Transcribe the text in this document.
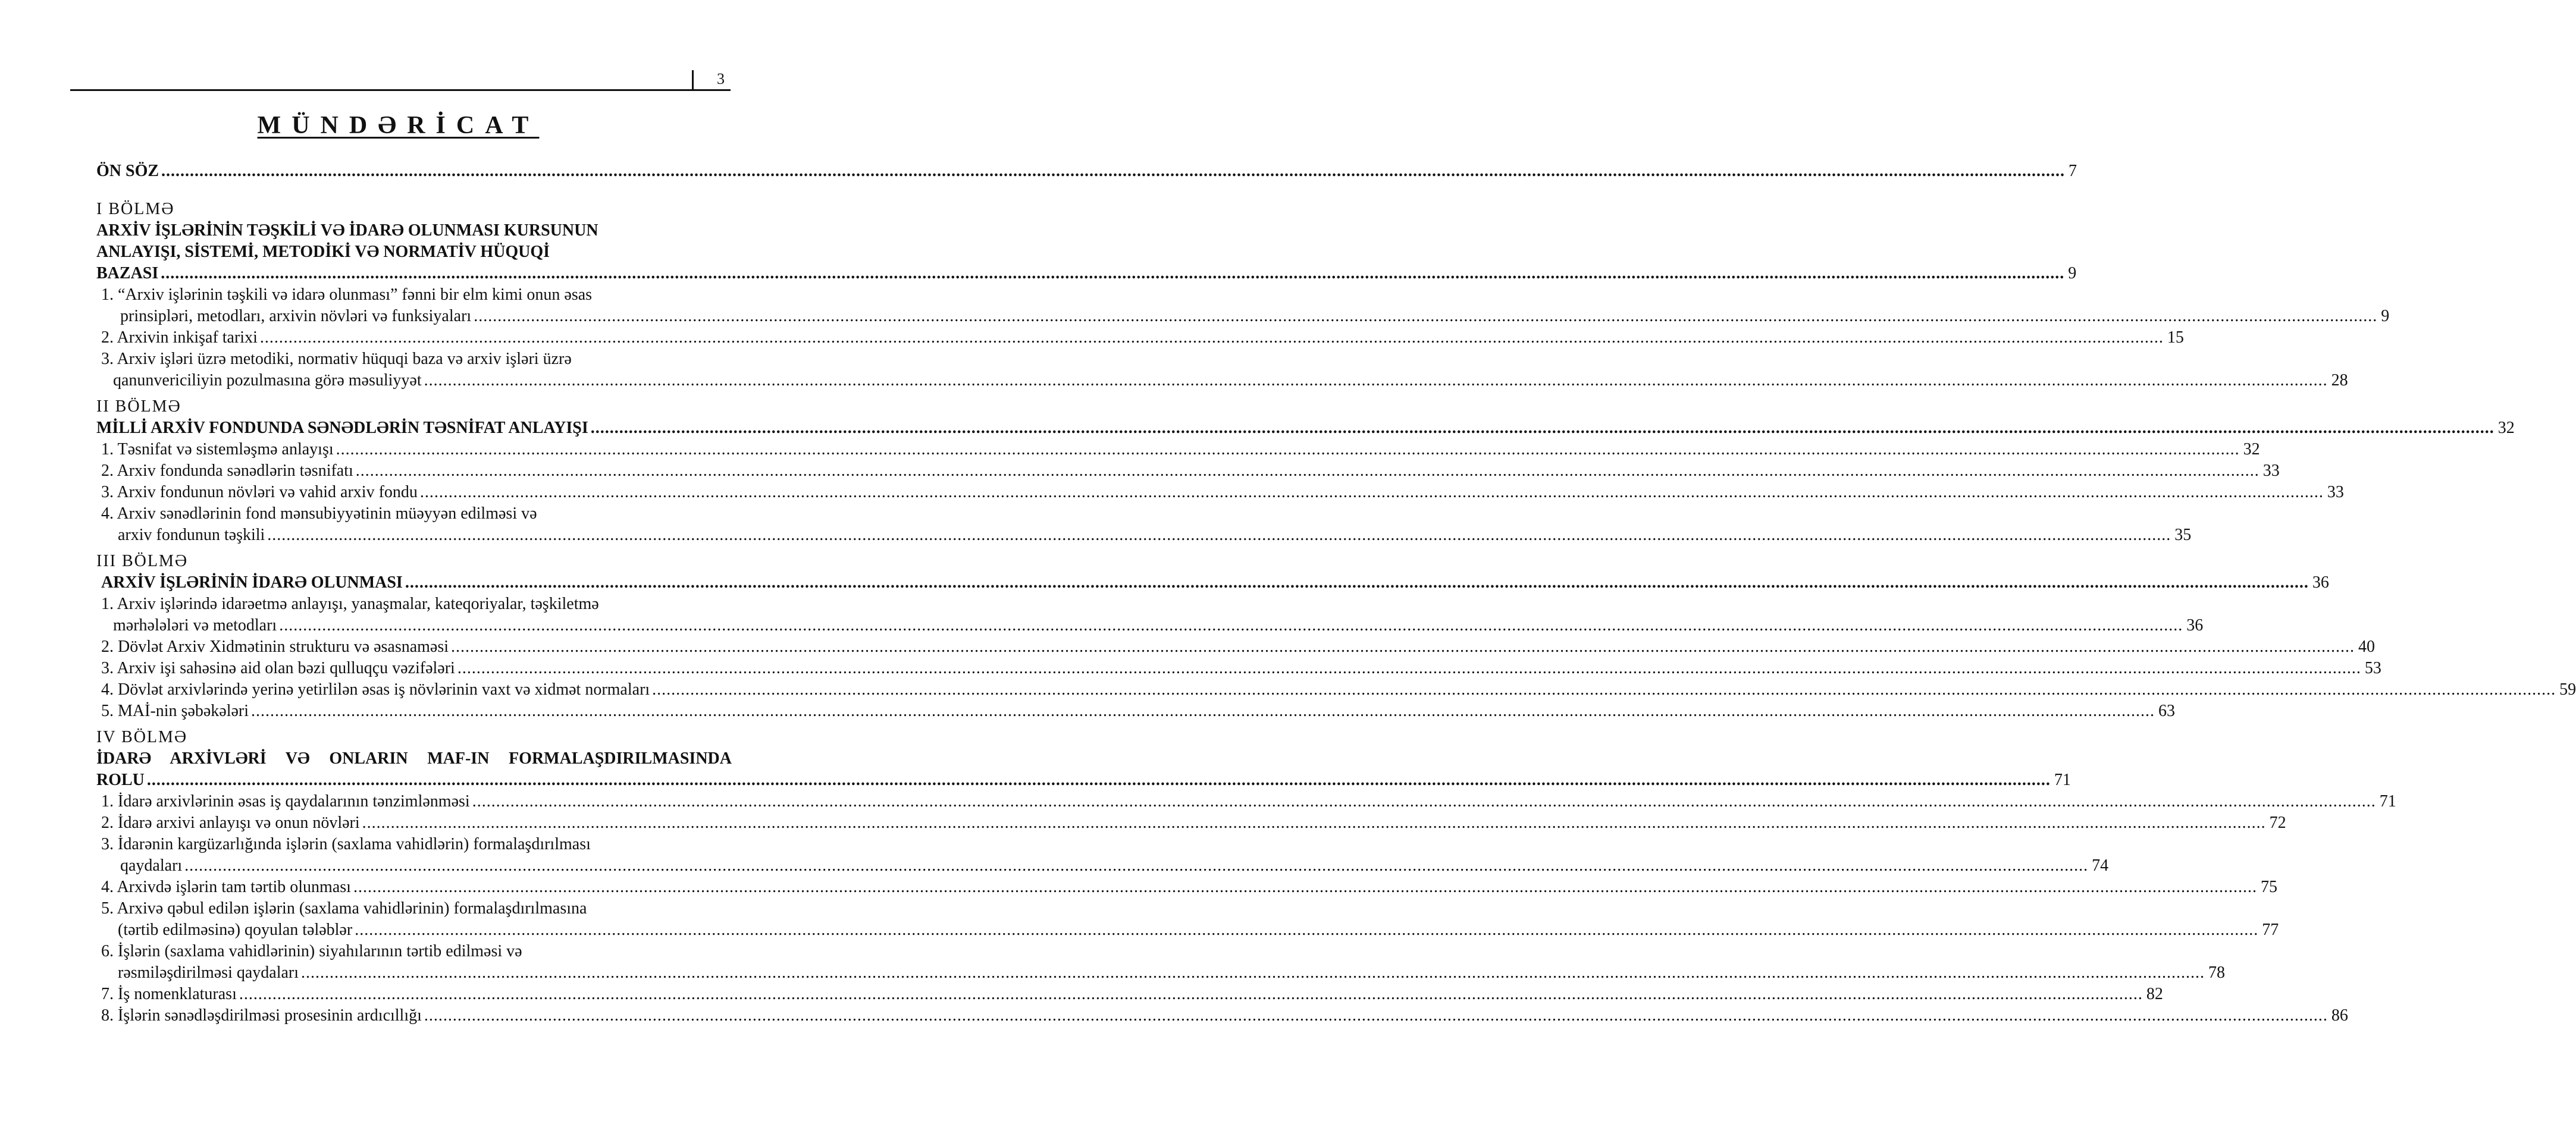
3
MÜNDƏRİCAT
ÖN SÖZ ................................................................................................................................................................................................................................................................................................................................................................................................................ 7
I BÖLMƏ
ARXİV İŞLƏRİNİN TƏŞKİLİ VƏ İDARƏ OLUNMASI KURSUNUN
ANLAYIŞI, SİSTEMİ, METODİKİ VƏ NORMATİV HÜQUQİ
BAZASI ................................................................................................................................................................................................................................................................................................................................................................................................................ 9
1. “Arxiv işlərinin təşkili və idarə olunması” fənni bir elm kimi onun əsas
prinsipləri, metodları, arxivin növləri və funksiyaları ................................................................................................................................................................................................................................................................................................................................................................................................................ 9
2. Arxivin inkişaf tarixi ................................................................................................................................................................................................................................................................................................................................................................................................................ 15
3. Arxiv işləri üzrə metodiki, normativ hüquqi baza və arxiv işləri üzrə
qanunvericiliyin pozulmasına görə məsuliyyət ................................................................................................................................................................................................................................................................................................................................................................................................................ 28
II BÖLMƏ
MİLLİ ARXİV FONDUNDA SƏNƏDLƏRİN TƏSNİFAT ANLAYIŞI ................................................................................................................................................................................................................................................................................................................................................................................................................ 32
1. Təsnifat və sistemləşmə anlayışı ................................................................................................................................................................................................................................................................................................................................................................................................................ 32
2. Arxiv fondunda sənədlərin təsnifatı ................................................................................................................................................................................................................................................................................................................................................................................................................ 33
3. Arxiv fondunun növləri və vahid arxiv fondu ................................................................................................................................................................................................................................................................................................................................................................................................................ 33
4. Arxiv sənədlərinin fond mənsubiyyətinin müəyyən edilməsi və
arxiv fondunun təşkili ................................................................................................................................................................................................................................................................................................................................................................................................................ 35
III BÖLMƏ
ARXİV İŞLƏRİNİN İDARƏ OLUNMASI ................................................................................................................................................................................................................................................................................................................................................................................................................ 36
1. Arxiv işlərində idarəetmə anlayışı, yanaşmalar, kateqoriyalar, təşkiletmə
mərhələləri və metodları ................................................................................................................................................................................................................................................................................................................................................................................................................ 36
2. Dövlət Arxiv Xidmətinin strukturu və əsasnaməsi ................................................................................................................................................................................................................................................................................................................................................................................................................ 40
3. Arxiv işi sahəsinə aid olan bəzi qulluqçu vəzifələri ................................................................................................................................................................................................................................................................................................................................................................................................................ 53
4. Dövlət arxivlərində yerinə yetirlilən əsas iş növlərinin vaxt və xidmət normaları ................................................................................................................................................................................................................................................................................................................................................................................................................ 59
5. MAİ-nin şəbəkələri ................................................................................................................................................................................................................................................................................................................................................................................................................ 63
IV BÖLMƏ
İDARƏ ARXİVLƏRİ VƏ ONLARIN MAF-IN FORMALAŞDIRILMASINDA
ROLU ................................................................................................................................................................................................................................................................................................................................................................................................................ 71
1. İdarə arxivlərinin əsas iş qaydalarının tənzimlənməsi ................................................................................................................................................................................................................................................................................................................................................................................................................ 71
2. İdarə arxivi anlayışı və onun növləri ................................................................................................................................................................................................................................................................................................................................................................................................................ 72
3. İdarənin kargüzarlığında işlərin (saxlama vahidlərin) formalaşdırılması
qaydaları ................................................................................................................................................................................................................................................................................................................................................................................................................ 74
4. Arxivdə işlərin tam tərtib olunması ................................................................................................................................................................................................................................................................................................................................................................................................................ 75
5. Arxivə qəbul edilən işlərin (saxlama vahidlərinin) formalaşdırılmasına
(tərtib edilməsinə) qoyulan tələblər ................................................................................................................................................................................................................................................................................................................................................................................................................ 77
6. İşlərin (saxlama vahidlərinin) siyahılarının tərtib edilməsi və
rəsmiləşdirilməsi qaydaları ................................................................................................................................................................................................................................................................................................................................................................................................................ 78
7. İş nomenklaturası ................................................................................................................................................................................................................................................................................................................................................................................................................ 82
8. İşlərin sənədləşdirilməsi prosesinin ardıcıllığı ................................................................................................................................................................................................................................................................................................................................................................................................................ 86
